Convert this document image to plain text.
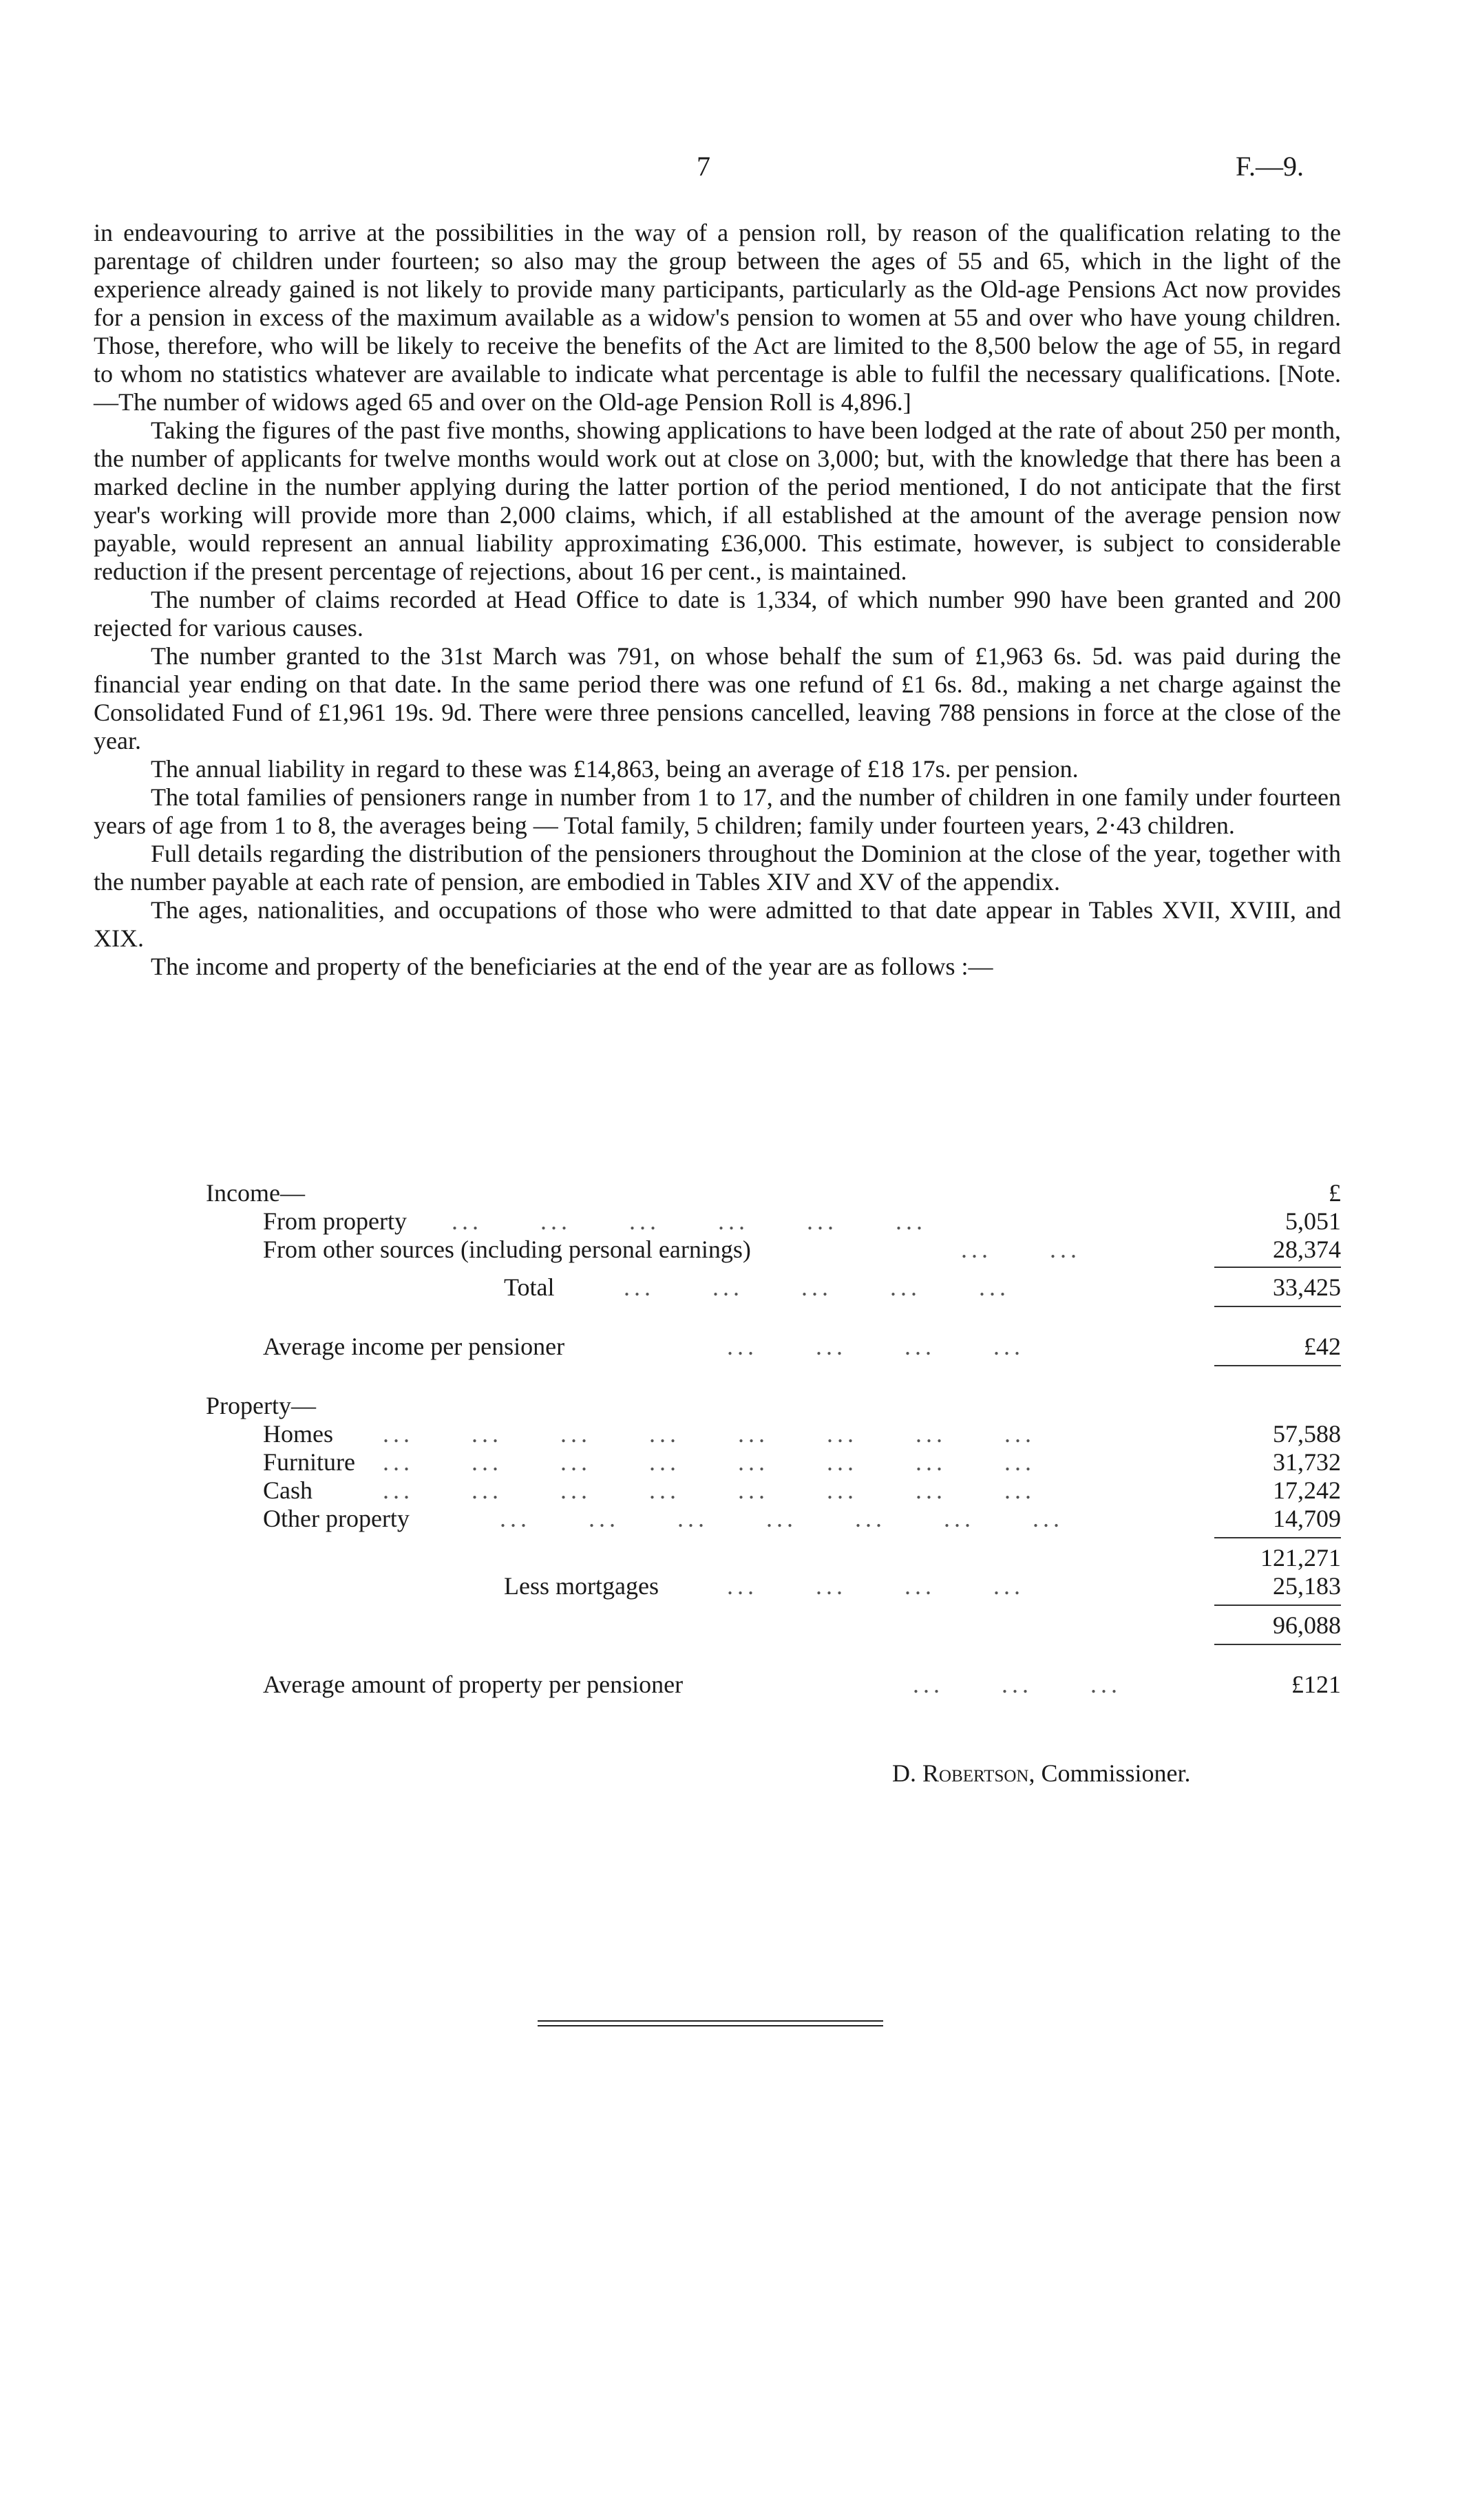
7	F.—9.

in endeavouring to arrive at the possibilities in the way of a pension roll, by reason of the qualification relating to the parentage of children under fourteen; so also may the group between the ages of 55 and 65, which in the light of the experience already gained is not likely to provide many participants, particularly as the Old-age Pensions Act now provides for a pension in excess of the maximum available as a widow's pension to women at 55 and over who have young children. Those, therefore, who will be likely to receive the benefits of the Act are limited to the 8,500 below the age of 55, in regard to whom no statistics whatever are available to indicate what percentage is able to fulfil the necessary qualifications. [Note.—The number of widows aged 65 and over on the Old-age Pension Roll is 4,896.]

Taking the figures of the past five months, showing applications to have been lodged at the rate of about 250 per month, the number of applicants for twelve months would work out at close on 3,000; but, with the knowledge that there has been a marked decline in the number applying during the latter portion of the period mentioned, I do not anticipate that the first year's working will provide more than 2,000 claims, which, if all established at the amount of the average pension now payable, would represent an annual liability approximating £36,000. This estimate, however, is subject to considerable reduction if the present percentage of rejections, about 16 per cent., is maintained.

The number of claims recorded at Head Office to date is 1,334, of which number 990 have been granted and 200 rejected for various causes.

The number granted to the 31st March was 791, on whose behalf the sum of £1,963 6s. 5d. was paid during the financial year ending on that date. In the same period there was one refund of £1 6s. 8d., making a net charge against the Consolidated Fund of £1,961 19s. 9d. There were three pensions cancelled, leaving 788 pensions in force at the close of the year.

The annual liability in regard to these was £14,863, being an average of £18 17s. per pension.

The total families of pensioners range in number from 1 to 17, and the number of children in one family under fourteen years of age from 1 to 8, the averages being — Total family, 5 children; family under fourteen years, 2·43 children.

Full details regarding the distribution of the pensioners throughout the Dominion at the close of the year, together with the number payable at each rate of pension, are embodied in Tables XIV and XV of the appendix.

The ages, nationalities, and occupations of those who were admitted to that date appear in Tables XVII, XVIII, and XIX.

The income and property of the beneficiaries at the end of the year are as follows :—

Income—	£
From property ...  ...  ...  ...  ...  ...	5,051
From other sources (including personal earnings)	...  ...	28,374
Total	...  ...  ...  ...  ...	33,425
Average income per pensioner	...  ...  ...  ...	£42
Property—
Homes ...  ...  ...  ...  ...  ...  ...  ...	57,588
Furniture ...  ...  ...  ...  ...  ...  ...  ...	31,732
Cash	...  ...  ...  ...  ...  ...  ...  ...	17,242
Other property	...  ...  ...  ...  ...  ...  ...	14,709
121,271
Less mortgages	...  ...  ...  ...	25,183
96,088
Average amount of property per pensioner	...  ...  ...	£121
D. Robertson, Commissioner.
